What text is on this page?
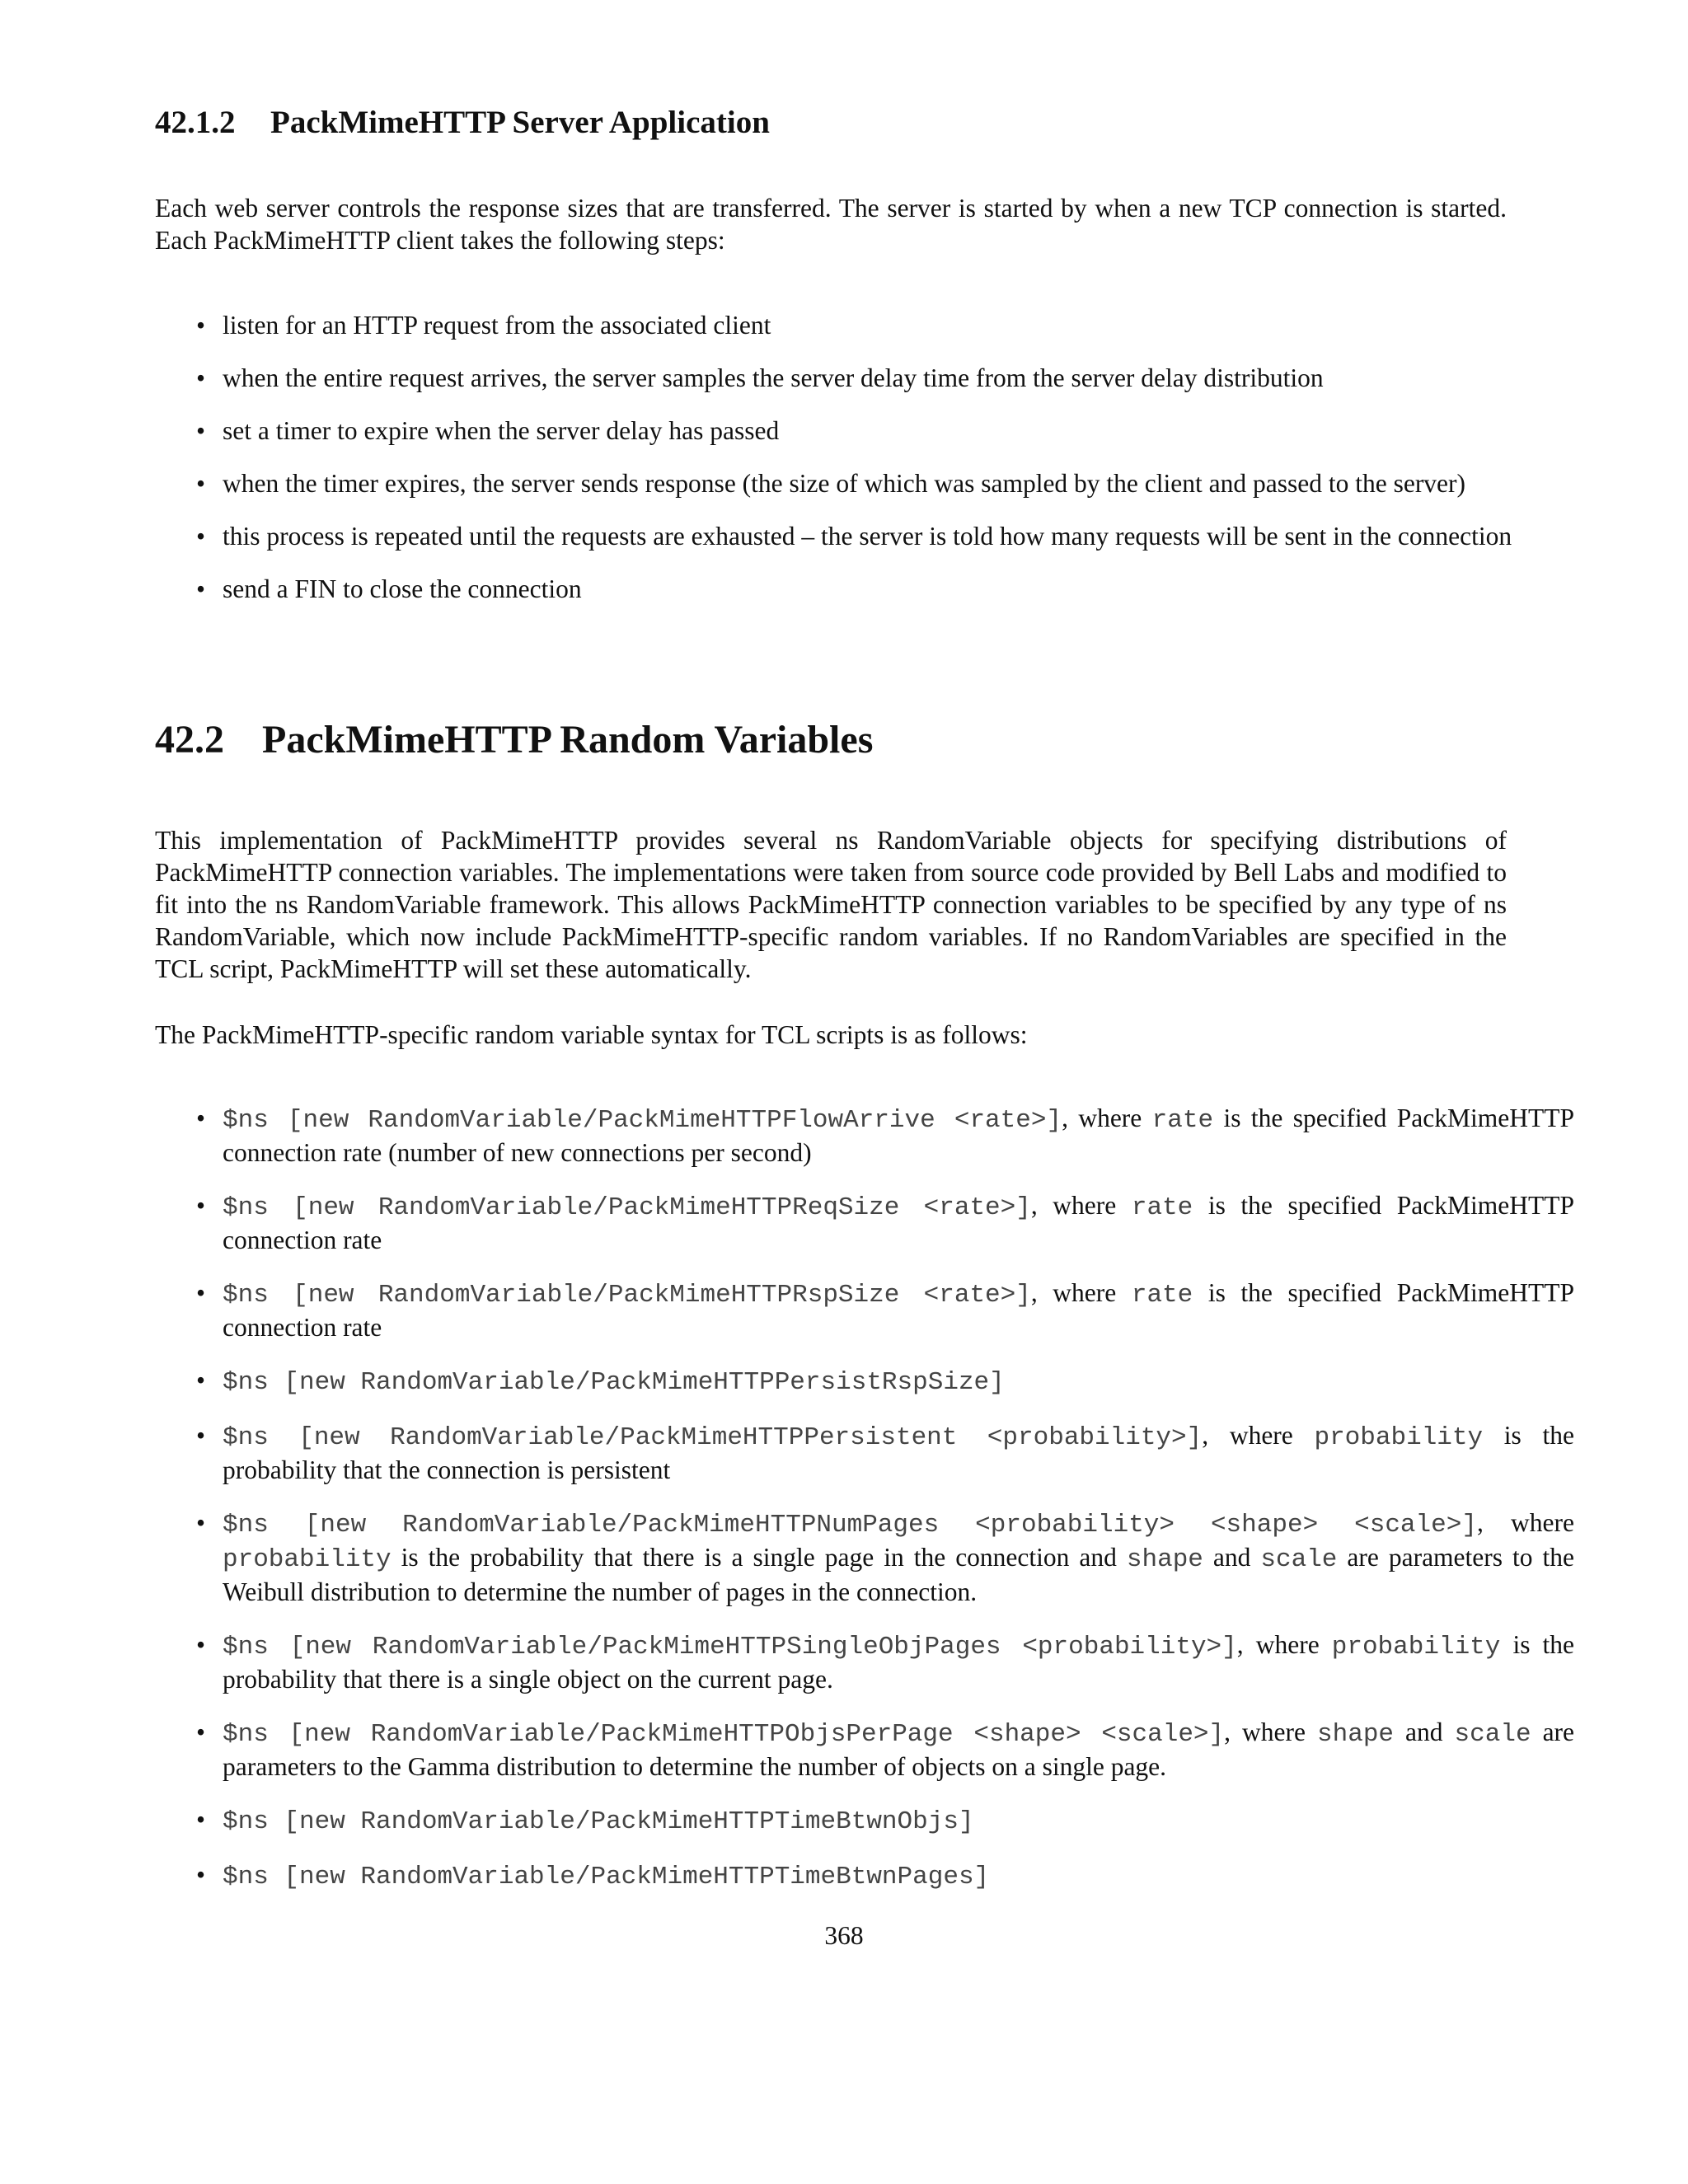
42.1.2 PackMimeHTTP Server Application

Each web server controls the response sizes that are transferred. The server is started by when a new TCP connection is started. Each PackMimeHTTP client takes the following steps:

• listen for an HTTP request from the associated client
• when the entire request arrives, the server samples the server delay time from the server delay distribution
• set a timer to expire when the server delay has passed
• when the timer expires, the server sends response (the size of which was sampled by the client and passed to the server)
• this process is repeated until the requests are exhausted – the server is told how many requests will be sent in the connection
• send a FIN to close the connection
42.2 PackMimeHTTP Random Variables

This implementation of PackMimeHTTP provides several ns RandomVariable objects for specifying distributions of PackMimeHTTP connection variables. The implementations were taken from source code provided by Bell Labs and modified to fit into the ns RandomVariable framework. This allows PackMimeHTTP connection variables to be specified by any type of ns RandomVariable, which now include PackMimeHTTP-specific random variables. If no RandomVariables are specified in the TCL script, PackMimeHTTP will set these automatically.

The PackMimeHTTP-specific random variable syntax for TCL scripts is as follows:

• $ns [new RandomVariable/PackMimeHTTPFlowArrive <rate>], where rate is the specified PackMimeHTTP connection rate (number of new connections per second)
• $ns [new RandomVariable/PackMimeHTTPReqSize <rate>], where rate is the specified PackMimeHTTP connection rate
• $ns [new RandomVariable/PackMimeHTTPRspSize <rate>], where rate is the specified PackMimeHTTP connection rate
• $ns [new RandomVariable/PackMimeHTTPPersistRspSize]
• $ns [new RandomVariable/PackMimeHTTPPersistent <probability>], where probability is the probability that the connection is persistent
• $ns [new RandomVariable/PackMimeHTTPNumPages <probability> <shape> <scale>], where probability is the probability that there is a single page in the connection and shape and scale are parameters to the Weibull distribution to determine the number of pages in the connection.
• $ns [new RandomVariable/PackMimeHTTPSingleObjPages <probability>], where probability is the probability that there is a single object on the current page.
• $ns [new RandomVariable/PackMimeHTTPObjsPerPage <shape> <scale>], where shape and scale are parameters to the Gamma distribution to determine the number of objects on a single page.
• $ns [new RandomVariable/PackMimeHTTPTimeBtwnObjs]
• $ns [new RandomVariable/PackMimeHTTPTimeBtwnPages]
368
